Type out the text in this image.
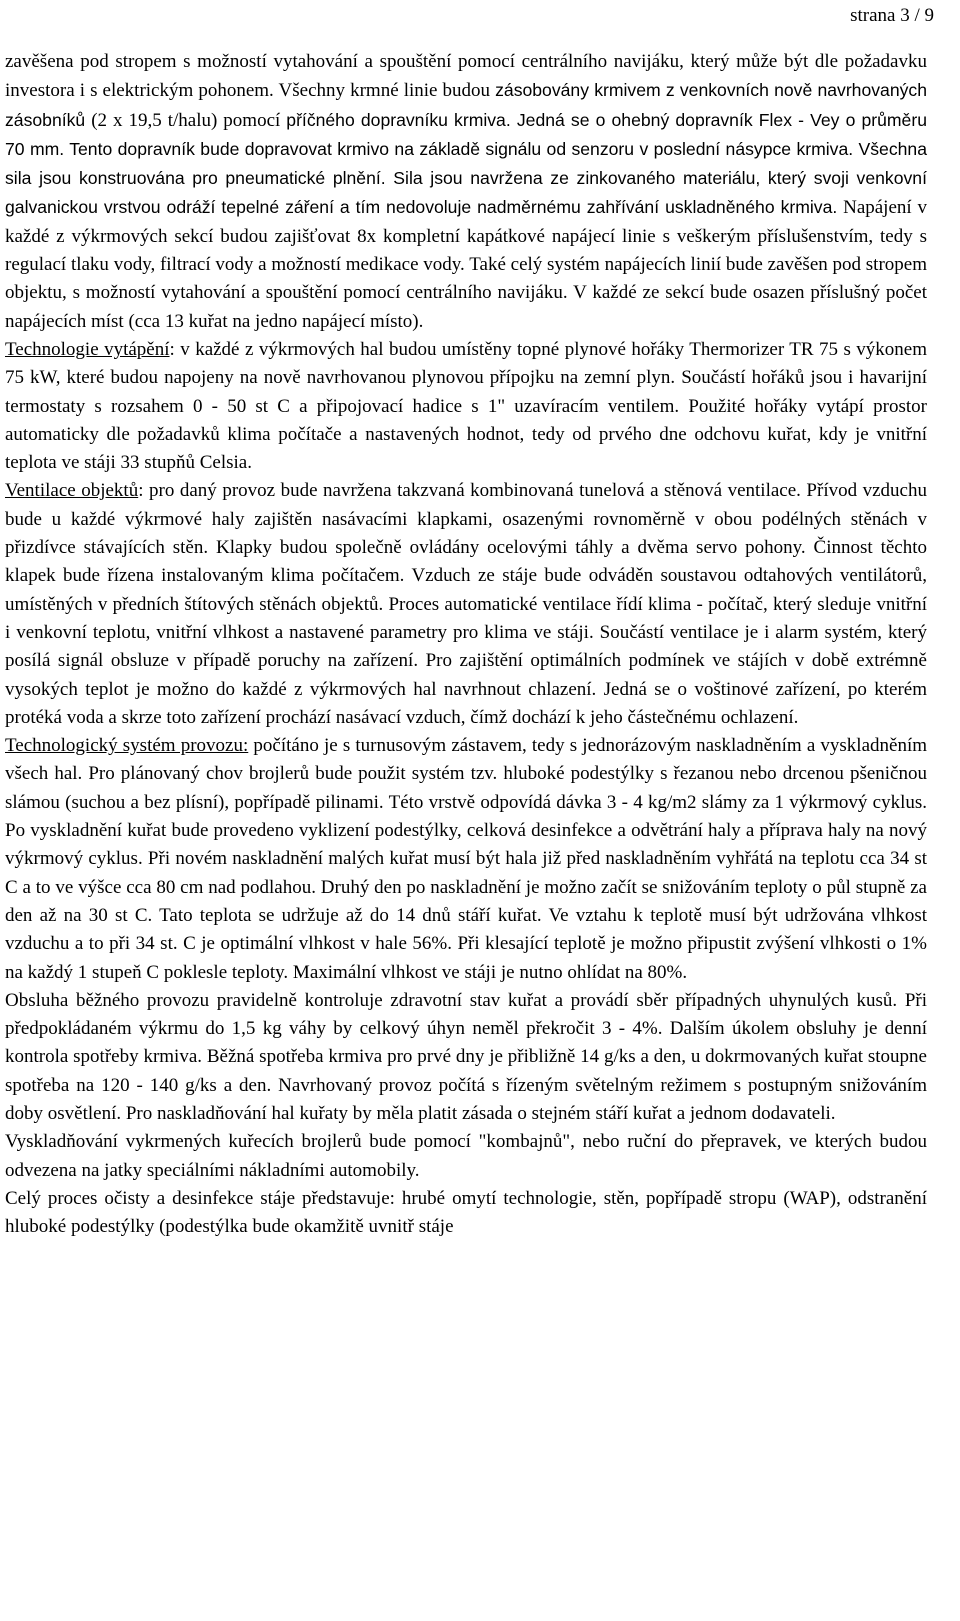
strana 3 / 9

zavěšena pod stropem s možností vytahování a spouštění pomocí centrálního navijáku, který může být dle požadavku investora i s elektrickým pohonem. Všechny krmné linie budou zásobovány krmivem z venkovních nově navrhovaných zásobníků (2 x 19,5 t/halu) pomocí příčného dopravníku krmiva. Jedná se o ohebný dopravník Flex - Vey o průměru 70 mm. Tento dopravník bude dopravovat krmivo na základě signálu od senzoru v poslední násypce krmiva. Všechna sila jsou konstruována pro pneumatické plnění. Sila jsou navržena ze zinkovaného materiálu, který svoji venkovní galvanickou vrstvou odráží tepelné záření a tím nedovoluje nadměrnému zahřívání uskladněného krmiva. Napájení v každé z výkrmových sekcí budou zajišťovat 8x kompletní kapátkové napájecí linie s veškerým příslušenstvím, tedy s regulací tlaku vody, filtrací vody a možností medikace vody. Také celý systém napájecích linií bude zavěšen pod stropem objektu, s možností vytahování a spouštění pomocí centrálního navijáku. V každé ze sekcí bude osazen příslušný počet napájecích míst (cca 13 kuřat na jedno napájecí místo).

Technologie vytápění: v každé z výkrmových hal budou umístěny topné plynové hořáky Thermorizer TR 75 s výkonem 75 kW, které budou napojeny na nově navrhovanou plynovou přípojku na zemní plyn. Součástí hořáků jsou i havarijní termostaty s rozsahem 0 - 50 st C a připojovací hadice s 1" uzavíracím ventilem. Použité hořáky vytápí prostor automaticky dle požadavků klima počítače a nastavených hodnot, tedy od prvého dne odchovu kuřat, kdy je vnitřní teplota ve stáji 33 stupňů Celsia.

Ventilace objektů: pro daný provoz bude navržena takzvaná kombinovaná tunelová a stěnová ventilace. Přívod vzduchu bude u každé výkrmové haly zajištěn nasávacími klapkami, osazenými rovnoměrně v obou podélných stěnách v přizdívce stávajících stěn. Klapky budou společně ovládány ocelovými táhly a dvěma servo pohony. Činnost těchto klapek bude řízena instalovaným klima počítačem. Vzduch ze stáje bude odváděn soustavou odtahových ventilátorů, umístěných v předních štítových stěnách objektů. Proces automatické ventilace řídí klima - počítač, který sleduje vnitřní i venkovní teplotu, vnitřní vlhkost a nastavené parametry pro klima ve stáji. Součástí ventilace je i alarm systém, který posílá signál obsluze v případě poruchy na zařízení. Pro zajištění optimálních podmínek ve stájích v době extrémně vysokých teplot je možno do každé z výkrmových hal navrhnout chlazení. Jedná se o voštinové zařízení, po kterém protéká voda a skrze toto zařízení prochází nasávací vzduch, čímž dochází k jeho částečnému ochlazení.

Technologický systém provozu: počítáno je s turnusovým zástavem, tedy s jednorázovým naskladněním a vyskladněním všech hal. Pro plánovaný chov brojlerů bude použit systém tzv. hluboké podestýlky s řezanou nebo drcenou pšeničnou slámou (suchou a bez plísní), popřípadě pilinami. Této vrstvě odpovídá dávka 3 - 4 kg/m2 slámy za 1 výkrmový cyklus. Po vyskladnění kuřat bude provedeno vyklizení podestýlky, celková desinfekce a odvětrání haly a příprava haly na nový výkrmový cyklus. Při novém naskladnění malých kuřat musí být hala již před naskladněním vyhřátá na teplotu cca 34 st C a to ve výšce cca 80 cm nad podlahou. Druhý den po naskladnění je možno začít se snižováním teploty o půl stupně za den až na 30 st C. Tato teplota se udržuje až do 14 dnů stáří kuřat. Ve vztahu k teplotě musí být udržována vlhkost vzduchu a to při 34 st. C je optimální vlhkost v hale 56%. Při klesající teplotě je možno připustit zvýšení vlhkosti o 1% na každý 1 stupeň C poklesle teploty. Maximální vlhkost ve stáji je nutno ohlídat na 80%.

Obsluha běžného provozu pravidelně kontroluje zdravotní stav kuřat a provádí sběr případných uhynulých kusů. Při předpokládaném výkrmu do 1,5 kg váhy by celkový úhyn neměl překročit 3 - 4%. Dalším úkolem obsluhy je denní kontrola spotřeby krmiva. Běžná spotřeba krmiva pro prvé dny je přibližně 14 g/ks a den, u dokrmovaných kuřat stoupne spotřeba na 120 - 140 g/ks a den. Navrhovaný provoz počítá s řízeným světelným režimem s postupným snižováním doby osvětlení. Pro naskladňování hal kuřaty by měla platit zásada o stejném stáří kuřat a jednom dodavateli.

Vyskladňování vykrmených kuřecích brojlerů bude pomocí "kombajnů", nebo ruční do přepravek, ve kterých budou odvezena na jatky speciálními nákladními automobily.

Celý proces očisty a desinfekce stáje představuje: hrubé omytí technologie, stěn, popřípadě stropu (WAP), odstranění hluboké podestýlky (podestýlka bude okamžitě uvnitř stáje
